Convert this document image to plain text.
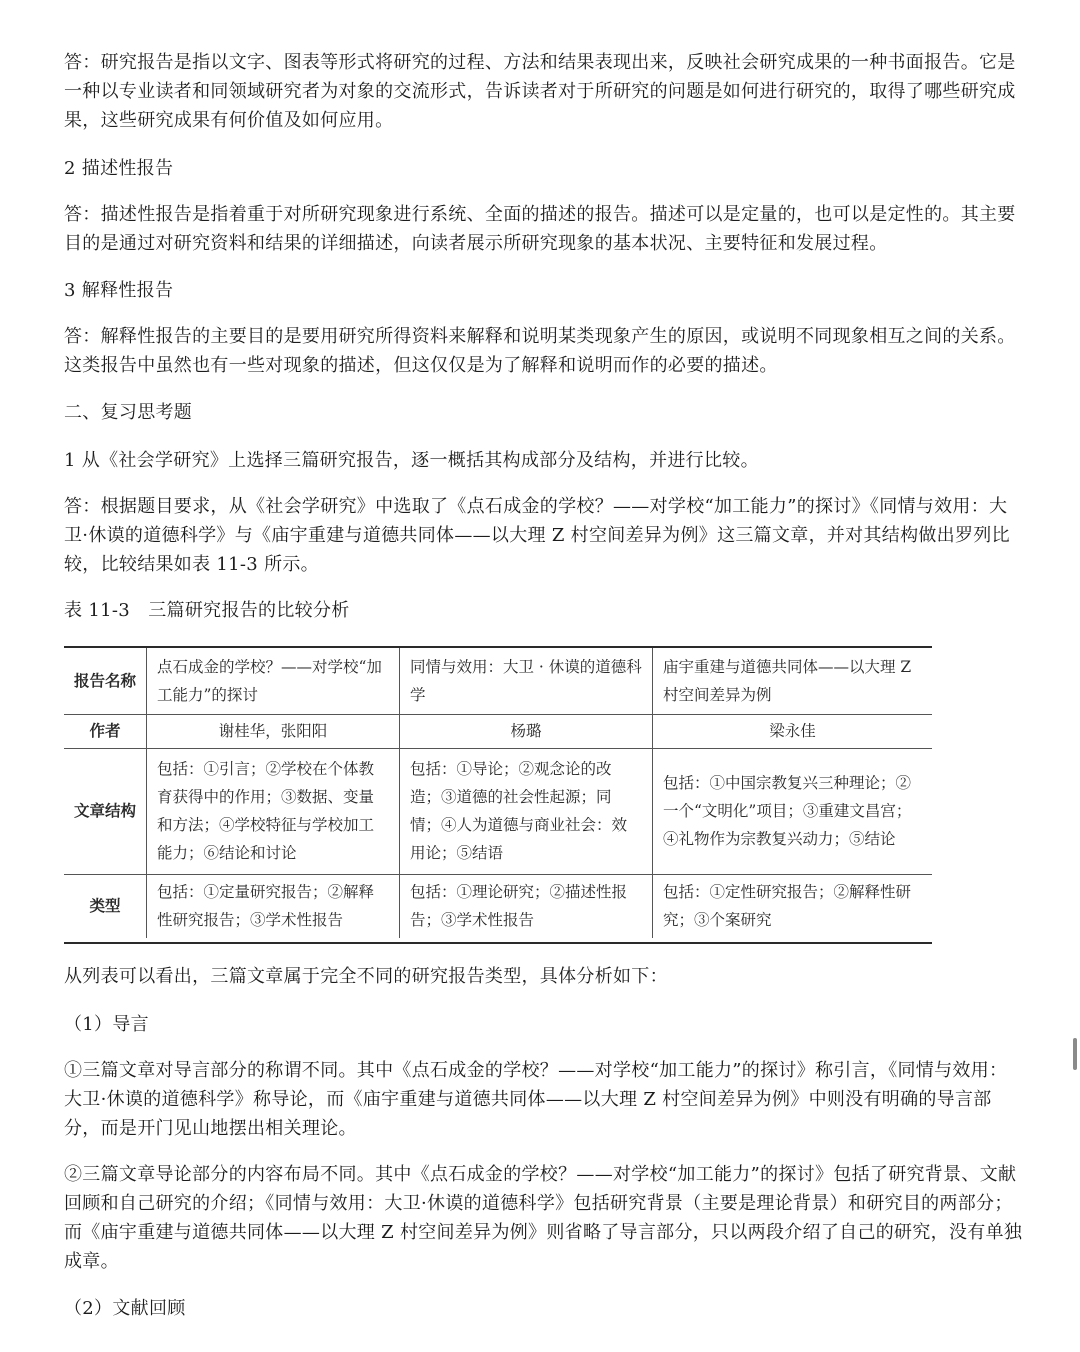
答：研究报告是指以文字、图表等形式将研究的过程、方法和结果表现出来，反映社会研究成果的一种书面报告。它是一种以专业读者和同领域研究者为对象的交流形式，告诉读者对于所研究的问题是如何进行研究的，取得了哪些研究成果，这些研究成果有何价值及如何应用。
2 描述性报告
答：描述性报告是指着重于对所研究现象进行系统、全面的描述的报告。描述可以是定量的，也可以是定性的。其主要目的是通过对研究资料和结果的详细描述，向读者展示所研究现象的基本状况、主要特征和发展过程。
3 解释性报告
答：解释性报告的主要目的是要用研究所得资料来解释和说明某类现象产生的原因，或说明不同现象相互之间的关系。这类报告中虽然也有一些对现象的描述，但这仅仅是为了解释和说明而作的必要的描述。
二、复习思考题
1 从《社会学研究》上选择三篇研究报告，逐一概括其构成部分及结构，并进行比较。
答：根据题目要求，从《社会学研究》中选取了《点石成金的学校？——对学校“加工能力”的探讨》《同情与效用：大卫·休谟的道德科学》与《庙宇重建与道德共同体——以大理 Z 村空间差异为例》这三篇文章，并对其结构做出罗列比较，比较结果如表 11-3 所示。
表 11-3　三篇研究报告的比较分析
报告名称	点石成金的学校？——对学校“加工能力”的探讨	同情与效用：大卫 · 休谟的道德科学	庙宇重建与道德共同体——以大理 Z 村空间差异为例
作者	谢桂华，张阳阳	杨璐	梁永佳
文章结构	包括：①引言；②学校在个体教育获得中的作用；③数据、变量和方法；④学校特征与学校加工能力；⑥结论和讨论	包括：①导论；②观念论的改造；③道德的社会性起源；同情；④人为道德与商业社会：效用论；⑤结语	包括：①中国宗教复兴三种理论；②一个“文明化”项目；③重建文昌宫；④礼物作为宗教复兴动力；⑤结论
类型	包括：①定量研究报告；②解释性研究报告；③学术性报告	包括：①理论研究；②描述性报告；③学术性报告	包括：①定性研究报告；②解释性研究；③个案研究
从列表可以看出，三篇文章属于完全不同的研究报告类型，具体分析如下：
（1）导言
①三篇文章对导言部分的称谓不同。其中《点石成金的学校？——对学校“加工能力”的探讨》称引言，《同情与效用：大卫·休谟的道德科学》称导论，而《庙宇重建与道德共同体——以大理 Z 村空间差异为例》中则没有明确的导言部分，而是开门见山地摆出相关理论。
②三篇文章导论部分的内容布局不同。其中《点石成金的学校？——对学校“加工能力”的探讨》包括了研究背景、文献回顾和自己研究的介绍；《同情与效用：大卫·休谟的道德科学》包括研究背景（主要是理论背景）和研究目的两部分；而《庙宇重建与道德共同体——以大理 Z 村空间差异为例》则省略了导言部分，只以两段介绍了自己的研究，没有单独成章。
（2）文献回顾
